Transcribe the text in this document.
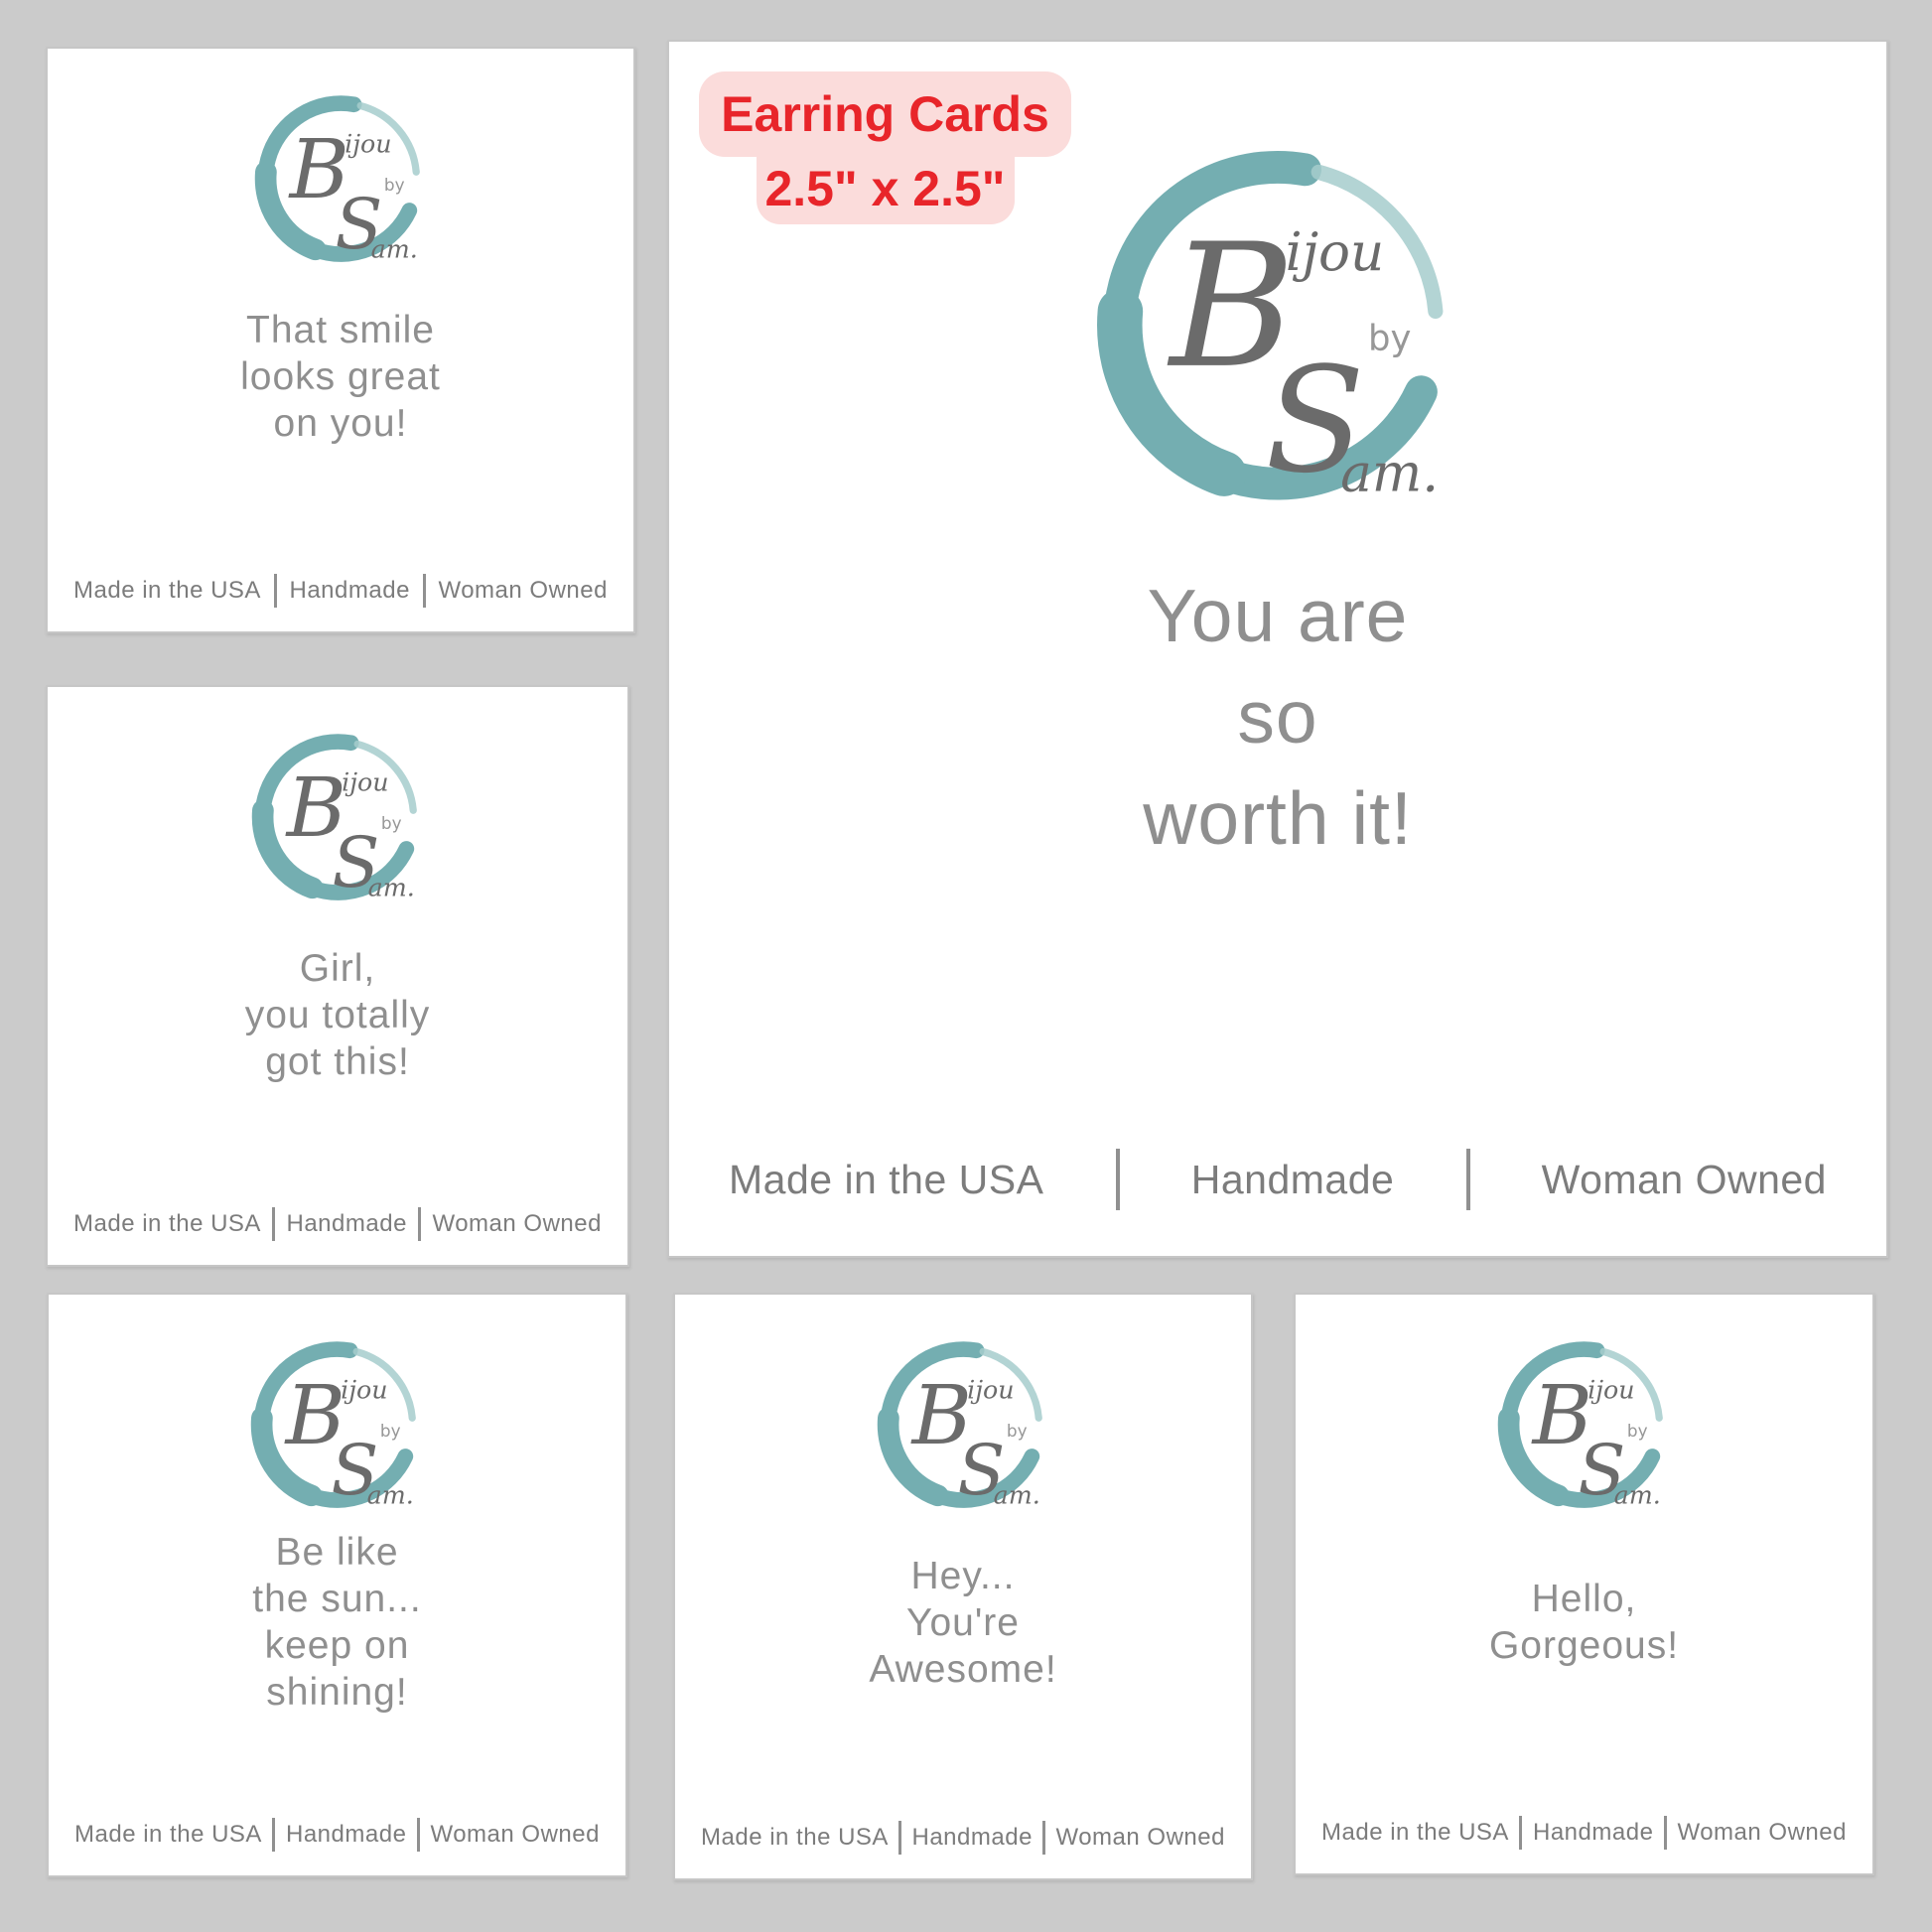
That smile
looks great
on you!
Made in the USA Handmade Woman Owned
Girl,
you totally
got this!
Made in the USA Handmade Woman Owned
Earring Cards
2.5" x 2.5"
You are
so
worth it!
Made in the USA	Handmade	Woman Owned
Be like
the sun...
keep on
shining!
Made in the USA Handmade Woman Owned
Hey...
You're
Awesome!
Made in the USA Handmade Woman Owned
Hello,
Gorgeous!
Made in the USA Handmade Woman Owned
